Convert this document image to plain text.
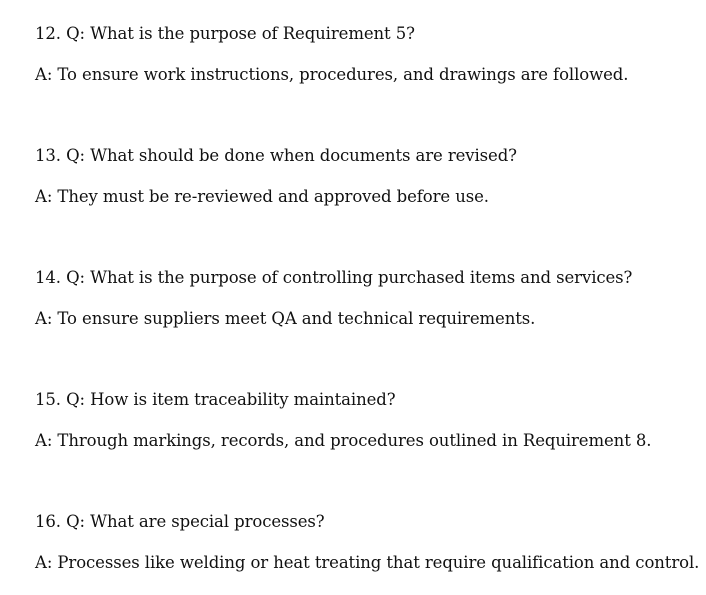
12. Q: What is the purpose of Requirement 5?

A: To ensure work instructions, procedures, and drawings are followed.

13. Q: What should be done when documents are revised?

A: They must be re-reviewed and approved before use.

14. Q: What is the purpose of controlling purchased items and services?

A: To ensure suppliers meet QA and technical requirements.

15. Q: How is item traceability maintained?

A: Through markings, records, and procedures outlined in Requirement 8.

16. Q: What are special processes?

A: Processes like welding or heat treating that require qualification and control.
